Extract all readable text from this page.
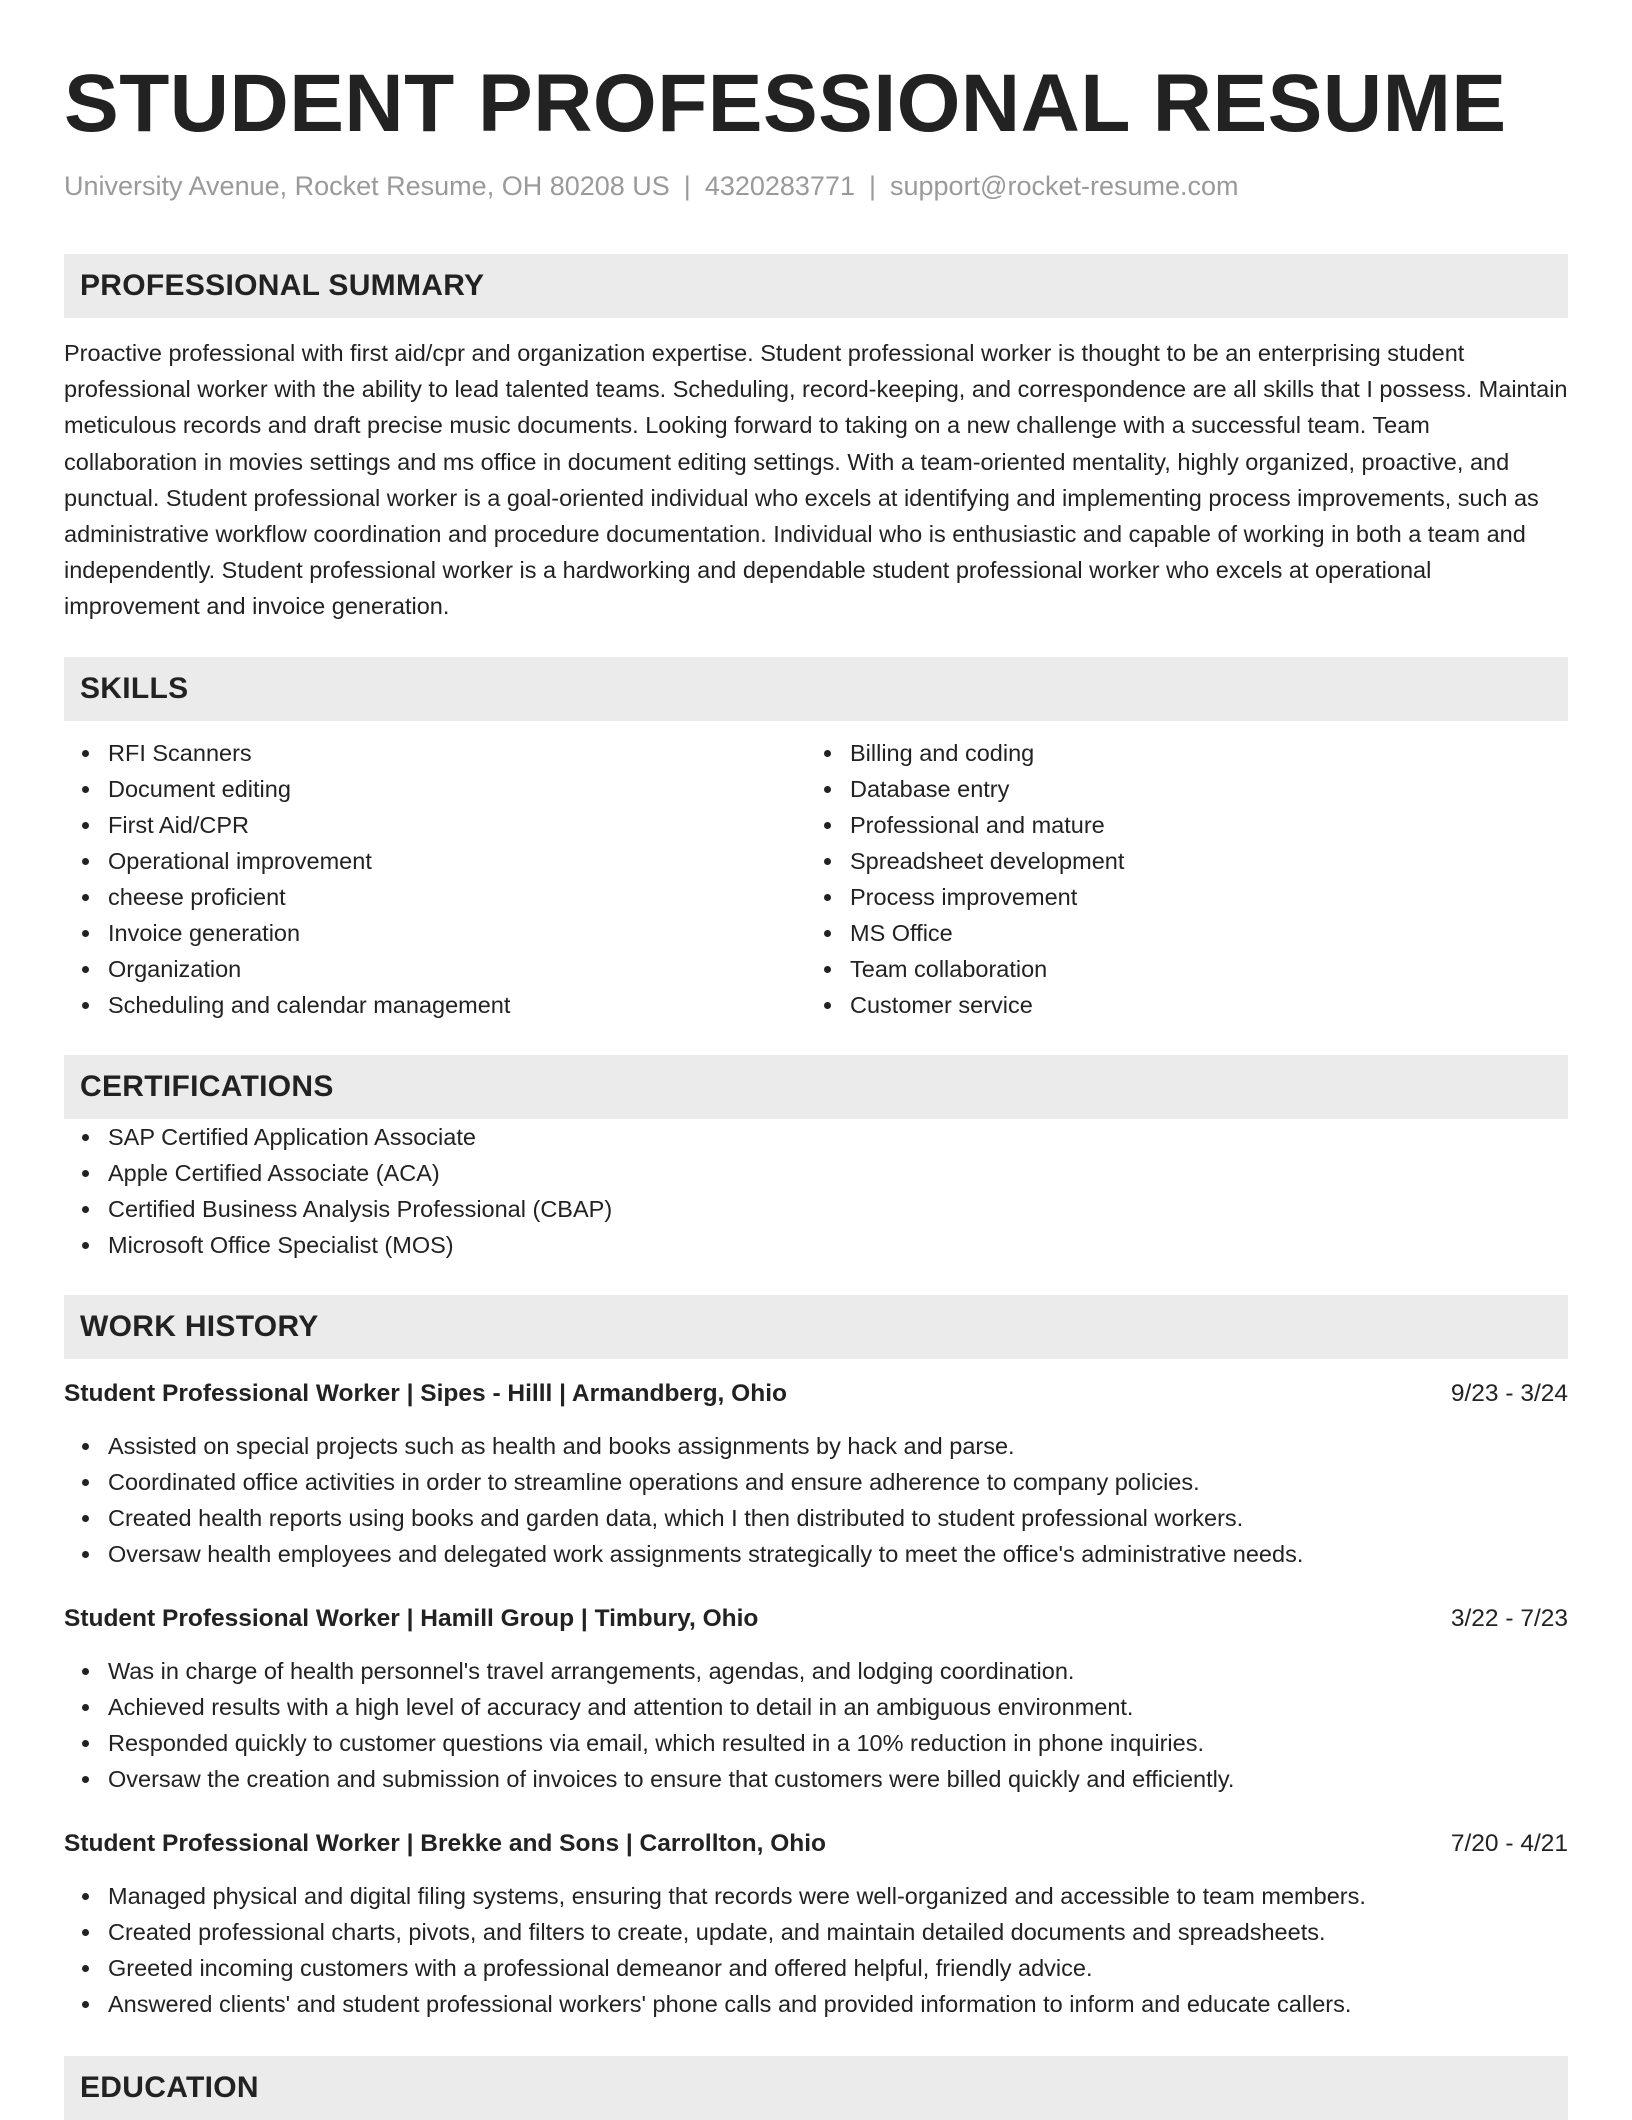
STUDENT PROFESSIONAL RESUME
University Avenue, Rocket Resume, OH 80208 US | 4320283771 | support@rocket-resume.com
PROFESSIONAL SUMMARY
Proactive professional with first aid/cpr and organization expertise. Student professional worker is thought to be an enterprising student professional worker with the ability to lead talented teams. Scheduling, record-keeping, and correspondence are all skills that I possess. Maintain meticulous records and draft precise music documents. Looking forward to taking on a new challenge with a successful team. Team collaboration in movies settings and ms office in document editing settings. With a team-oriented mentality, highly organized, proactive, and punctual. Student professional worker is a goal-oriented individual who excels at identifying and implementing process improvements, such as administrative workflow coordination and procedure documentation. Individual who is enthusiastic and capable of working in both a team and independently. Student professional worker is a hardworking and dependable student professional worker who excels at operational improvement and invoice generation.
SKILLS
RFI Scanners
Document editing
First Aid/CPR
Operational improvement
cheese proficient
Invoice generation
Organization
Scheduling and calendar management
Billing and coding
Database entry
Professional and mature
Spreadsheet development
Process improvement
MS Office
Team collaboration
Customer service
CERTIFICATIONS
SAP Certified Application Associate
Apple Certified Associate (ACA)
Certified Business Analysis Professional (CBAP)
Microsoft Office Specialist (MOS)
WORK HISTORY
Student Professional Worker | Sipes - Hilll | Armandberg, Ohio	9/23 - 3/24
Assisted on special projects such as health and books assignments by hack and parse.
Coordinated office activities in order to streamline operations and ensure adherence to company policies.
Created health reports using books and garden data, which I then distributed to student professional workers.
Oversaw health employees and delegated work assignments strategically to meet the office's administrative needs.
Student Professional Worker | Hamill Group | Timbury, Ohio	3/22 - 7/23
Was in charge of health personnel's travel arrangements, agendas, and lodging coordination.
Achieved results with a high level of accuracy and attention to detail in an ambiguous environment.
Responded quickly to customer questions via email, which resulted in a 10% reduction in phone inquiries.
Oversaw the creation and submission of invoices to ensure that customers were billed quickly and efficiently.
Student Professional Worker | Brekke and Sons | Carrollton, Ohio	7/20 - 4/21
Managed physical and digital filing systems, ensuring that records were well-organized and accessible to team members.
Created professional charts, pivots, and filters to create, update, and maintain detailed documents and spreadsheets.
Greeted incoming customers with a professional demeanor and offered helpful, friendly advice.
Answered clients' and student professional workers' phone calls and provided information to inform and educate callers.
EDUCATION
